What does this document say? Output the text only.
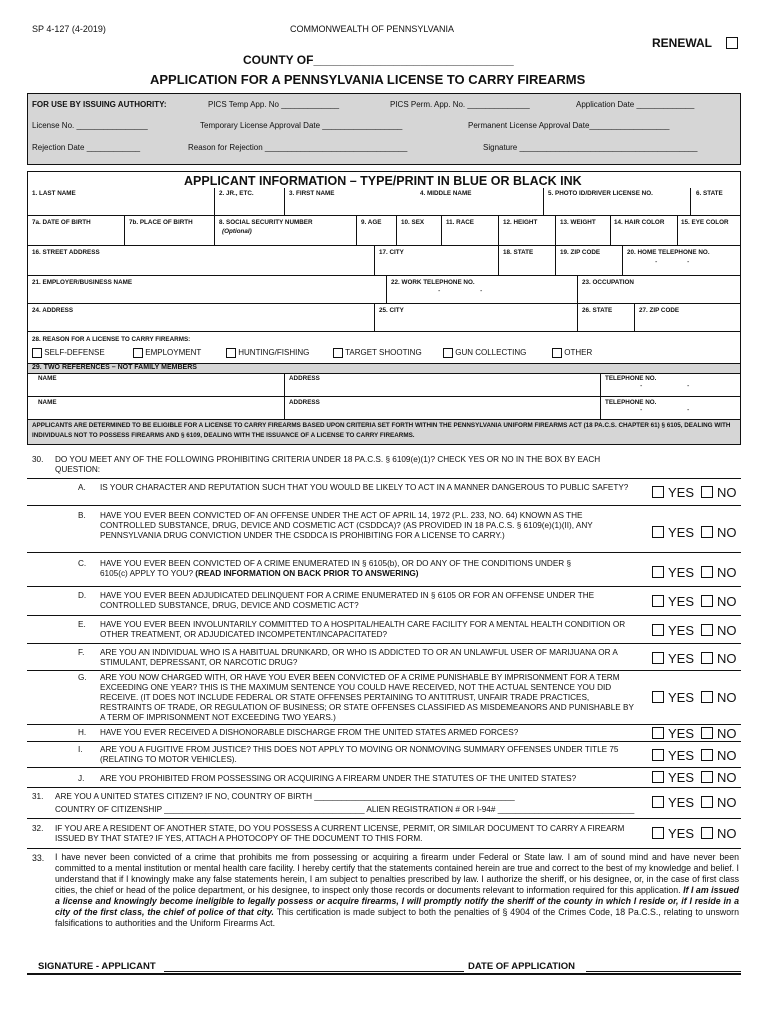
SP 4-127 (4-2019)	COMMONWEALTH OF PENNSYLVANIA
RENEWAL
COUNTY OF______________________________
APPLICATION FOR A PENNSYLVANIA LICENSE TO CARRY FIREARMS
FOR USE BY ISSUING AUTHORITY:	PICS Temp App. No _____________	PICS Perm. App. No. ______________	Application Date _____________
License No. ________________	Temporary License Approval Date __________________	Permanent License Approval Date__________________
Rejection Date ____________	Reason for Rejection ________________________________	Signature ________________________________________
APPLICANT INFORMATION – TYPE/PRINT IN BLUE OR BLACK INK
1. LAST NAME	2. JR., ETC.	3. FIRST NAME	4. MIDDLE NAME	5. PHOTO ID/DRIVER LICENSE NO.	6. STATE
7a. DATE OF BIRTH	7b. PLACE OF BIRTH	8. SOCIAL SECURITY NUMBER
(Optional)
9. AGE	10. SEX	11. RACE	12. HEIGHT	13. WEIGHT	14. HAIR COLOR	15. EYE COLOR
16. STREET ADDRESS	17. CITY	18. STATE	19. ZIP CODE	20. HOME TELEPHONE NO.
-	-
21. EMPLOYER/BUSINESS NAME	22. WORK TELEPHONE NO.
-	-
23. OCCUPATION
24. ADDRESS	25. CITY	26. STATE	27. ZIP CODE
28. REASON FOR A LICENSE TO CARRY FIREARMS:
SELF-DEFENSE	EMPLOYMENT	HUNTING/FISHING	TARGET SHOOTING	GUN COLLECTING	OTHER
29. TWO REFERENCES – NOT FAMILY MEMBERS
NAME	ADDRESS	TELEPHONE NO.
-	-
NAME	ADDRESS	TELEPHONE NO.
-	-
APPLICANTS ARE DETERMINED TO BE ELIGIBLE FOR A LICENSE TO CARRY FIREARMS BASED UPON CRITERIA SET FORTH WITHIN THE PENNSYLVANIA UNIFORM FIREARMS ACT (18 PA.C.S. CHAPTER 61) § 6105, DEALING WITH INDIVIDUALS NOT TO POSSESS FIREARMS AND § 6109, DEALING WITH THE ISSUANCE OF A LICENSE TO CARRY FIREARMS.
30. DO YOU MEET ANY OF THE FOLLOWING PROHIBITING CRITERIA UNDER 18 PA.C.S. § 6109(e)(1)? CHECK YES OR NO IN THE BOX BY EACH QUESTION:
A. IS YOUR CHARACTER AND REPUTATION SUCH THAT YOU WOULD BE LIKELY TO ACT IN A MANNER DANGEROUS TO PUBLIC SAFETY?	YES	NO
B. HAVE YOU EVER BEEN CONVICTED OF AN OFFENSE UNDER THE ACT OF APRIL 14, 1972 (P.L. 233, NO. 64) KNOWN AS THE CONTROLLED SUBSTANCE, DRUG, DEVICE AND COSMETIC ACT (CSDDCA)? (AS PROVIDED IN 18 PA.C.S. § 6109(e)(1)(II), ANY PENNSYLVANIA DRUG CONVICTION UNDER THE CSDDCA IS PROHIBITING FOR A LICENSE TO CARRY.)	YES	NO
C. HAVE YOU EVER BEEN CONVICTED OF A CRIME ENUMERATED IN § 6105(b), OR DO ANY OF THE CONDITIONS UNDER § 6105(c) APPLY TO YOU? (READ INFORMATION ON BACK PRIOR TO ANSWERING)	YES	NO
D. HAVE YOU EVER BEEN ADJUDICATED DELINQUENT FOR A CRIME ENUMERATED IN § 6105 OR FOR AN OFFENSE UNDER THE CONTROLLED SUBSTANCE, DRUG, DEVICE AND COSMETIC ACT?	YES	NO
E. HAVE YOU EVER BEEN INVOLUNTARILY COMMITTED TO A HOSPITAL/HEALTH CARE FACILITY FOR A MENTAL HEALTH CONDITION OR OTHER TREATMENT, OR ADJUDICATED INCOMPETENT/INCAPACITATED?	YES	NO
F. ARE YOU AN INDIVIDUAL WHO IS A HABITUAL DRUNKARD, OR WHO IS ADDICTED TO OR AN UNLAWFUL USER OF MARIJUANA OR A STIMULANT, DEPRESSANT, OR NARCOTIC DRUG?	YES	NO
G. ARE YOU NOW CHARGED WITH, OR HAVE YOU EVER BEEN CONVICTED OF A CRIME PUNISHABLE BY IMPRISONMENT FOR A TERM EXCEEDING ONE YEAR? THIS IS THE MAXIMUM SENTENCE YOU COULD HAVE RECEIVED, NOT THE ACTUAL SENTENCE YOU DID RECEIVE. (IT DOES NOT INCLUDE FEDERAL OR STATE OFFENSES PERTAINING TO ANTITRUST, UNFAIR TRADE PRACTICES, RESTRAINTS OF TRADE, OR REGULATION OF BUSINESS; OR STATE OFFENSES CLASSIFIED AS MISDEMEANORS AND PUNISHABLE BY A TERM OF IMPRISONMENT NOT EXCEEDING TWO YEARS.)
YES	NO
H. HAVE YOU EVER RECEIVED A DISHONORABLE DISCHARGE FROM THE UNITED STATES ARMED FORCES?	YES	NO
I. ARE YOU A FUGITIVE FROM JUSTICE? THIS DOES NOT APPLY TO MOVING OR NONMOVING SUMMARY OFFENSES UNDER TITLE 75 (RELATING TO MOTOR VEHICLES).	YES	NO
J. ARE YOU PROHIBITED FROM POSSESSING OR ACQUIRING A FIREARM UNDER THE STATUTES OF THE UNITED STATES?	YES	NO
31. ARE YOU A UNITED STATES CITIZEN? IF NO, COUNTRY OF BIRTH ____________________________________________
COUNTRY OF CITIZENSHIP ____________________________________________ ALIEN REGISTRATION # OR I-94# ______________________________	YES	NO
32. IF YOU ARE A RESIDENT OF ANOTHER STATE, DO YOU POSSESS A CURRENT LICENSE, PERMIT, OR SIMILAR DOCUMENT TO CARRY A FIREARM ISSUED BY THAT STATE? IF YES, ATTACH A PHOTOCOPY OF THE DOCUMENT TO THIS FORM.	YES	NO
33. I have never been convicted of a crime that prohibits me from possessing or acquiring a firearm under Federal or State law. I am of sound mind and have never been committed to a mental institution or mental health care facility. I hereby certify that the statements contained herein are true and correct to the best of my knowledge and belief. I understand that if I knowingly make any false statements herein, I am subject to penalties prescribed by law. I authorize the sheriff, or his designee, or, in the case of first class cities, the chief or head of the police department, or his designee, to inspect only those records or documents relevant to information required for this application. If I am issued a license and knowingly become ineligible to legally possess or acquire firearms, I will promptly notify the sheriff of the county in which I reside or, if I reside in a city of the first class, the chief of police of that city. This certification is made subject to both the penalties of § 4904 of the Crimes Code, 18 Pa.C.S., relating to unsworn falsifications to authorities and the Uniform Firearms Act.
SIGNATURE - APPLICANT	DATE OF APPLICATION
